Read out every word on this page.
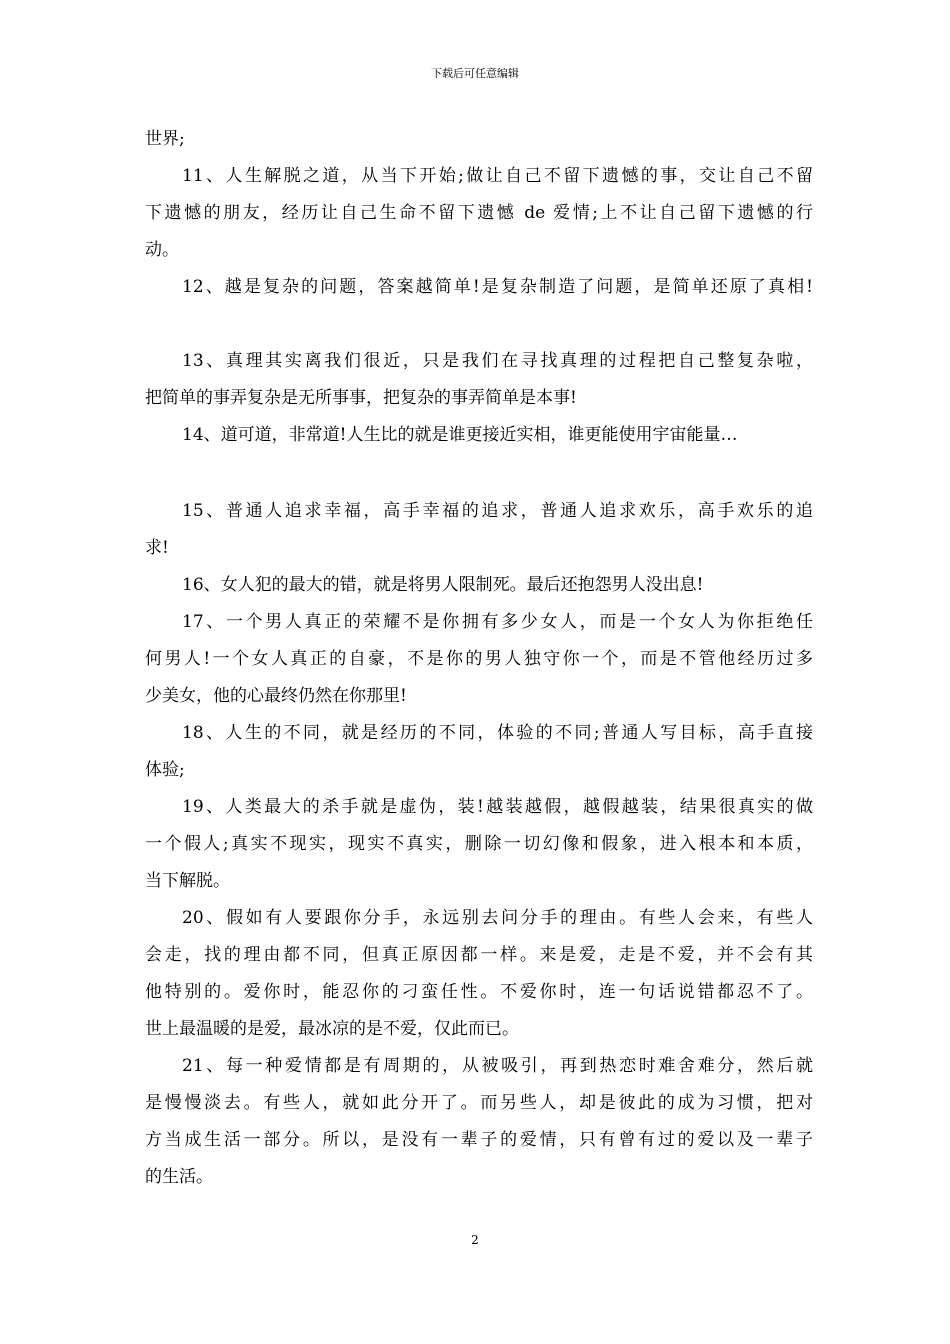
下载后可任意编辑
世界;
11、人生解脱之道，从当下开始;做让自己不留下遗憾的事，交让自己不留
下遗憾的朋友，经历让自己生命不留下遗憾 de 爱情;上不让自己留下遗憾的行
动。
12、越是复杂的问题，答案越简单!是复杂制造了问题，是简单还原了真相!
13、真理其实离我们很近，只是我们在寻找真理的过程把自己整复杂啦，
把简单的事弄复杂是无所事事，把复杂的事弄简单是本事!
14、道可道，非常道!人生比的就是谁更接近实相，谁更能使用宇宙能量…
15、普通人追求幸福，高手幸福的追求，普通人追求欢乐，高手欢乐的追
求!
16、女人犯的最大的错，就是将男人限制死。最后还抱怨男人没出息!
17、一个男人真正的荣耀不是你拥有多少女人，而是一个女人为你拒绝任
何男人!一个女人真正的自豪，不是你的男人独守你一个，而是不管他经历过多
少美女，他的心最终仍然在你那里!
18、人生的不同，就是经历的不同，体验的不同;普通人写目标，高手直接
体验;
19、人类最大的杀手就是虚伪，装!越装越假，越假越装，结果很真实的做
一个假人;真实不现实，现实不真实，删除一切幻像和假象，进入根本和本质，
当下解脱。
20、假如有人要跟你分手，永远别去问分手的理由。有些人会来，有些人
会走，找的理由都不同，但真正原因都一样。来是爱，走是不爱，并不会有其
他特别的。爱你时，能忍你的刁蛮任性。不爱你时，连一句话说错都忍不了。
世上最温暖的是爱，最冰凉的是不爱，仅此而已。
21、每一种爱情都是有周期的，从被吸引，再到热恋时难舍难分，然后就
是慢慢淡去。有些人，就如此分开了。而另些人，却是彼此的成为习惯，把对
方当成生活一部分。所以，是没有一辈子的爱情，只有曾有过的爱以及一辈子
的生活。
2
